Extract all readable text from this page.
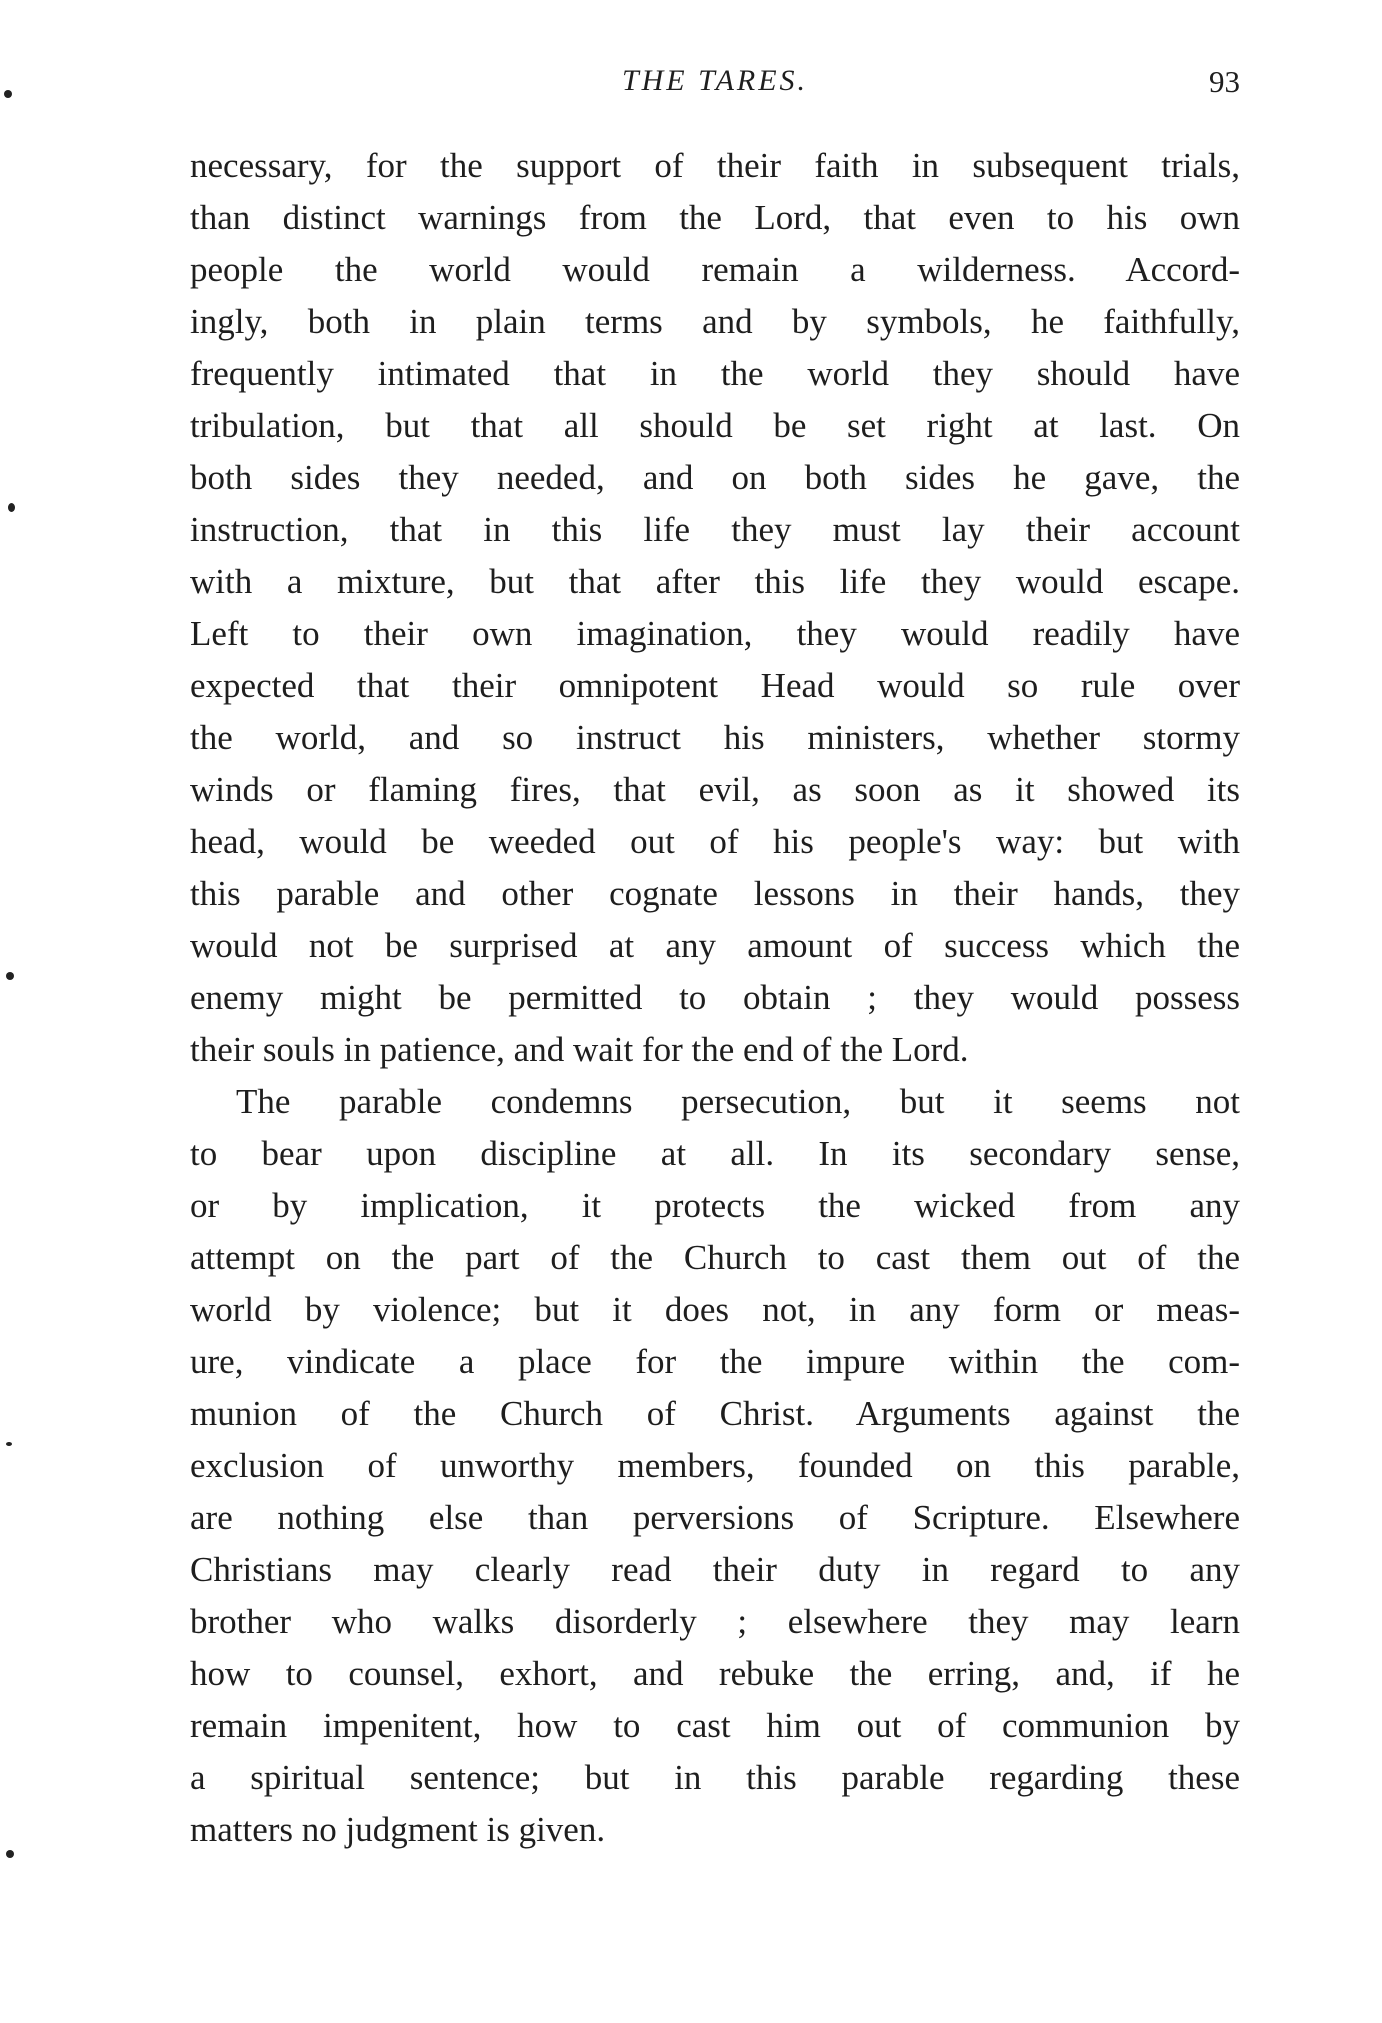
THE TARES.	93
necessary, for the support of their faith in subsequent trials,
than distinct warnings from the Lord, that even to his own
people the world would remain a wilderness. Accord-
ingly, both in plain terms and by symbols, he faithfully,
frequently intimated that in the world they should have
tribulation, but that all should be set right at last. On
both sides they needed, and on both sides he gave, the
instruction, that in this life they must lay their account
with a mixture, but that after this life they would escape.
Left to their own imagination, they would readily have
expected that their omnipotent Head would so rule over
the world, and so instruct his ministers, whether stormy
winds or flaming fires, that evil, as soon as it showed its
head, would be weeded out of his people's way: but with
this parable and other cognate lessons in their hands, they
would not be surprised at any amount of success which the
enemy might be permitted to obtain ; they would possess
their souls in patience, and wait for the end of the Lord.
The parable condemns persecution, but it seems not
to bear upon discipline at all. In its secondary sense,
or by implication, it protects the wicked from any
attempt on the part of the Church to cast them out of the
world by violence; but it does not, in any form or meas-
ure, vindicate a place for the impure within the com-
munion of the Church of Christ. Arguments against the
exclusion of unworthy members, founded on this parable,
are nothing else than perversions of Scripture. Elsewhere
Christians may clearly read their duty in regard to any
brother who walks disorderly ; elsewhere they may learn
how to counsel, exhort, and rebuke the erring, and, if he
remain impenitent, how to cast him out of communion by
a spiritual sentence; but in this parable regarding these
matters no judgment is given.
